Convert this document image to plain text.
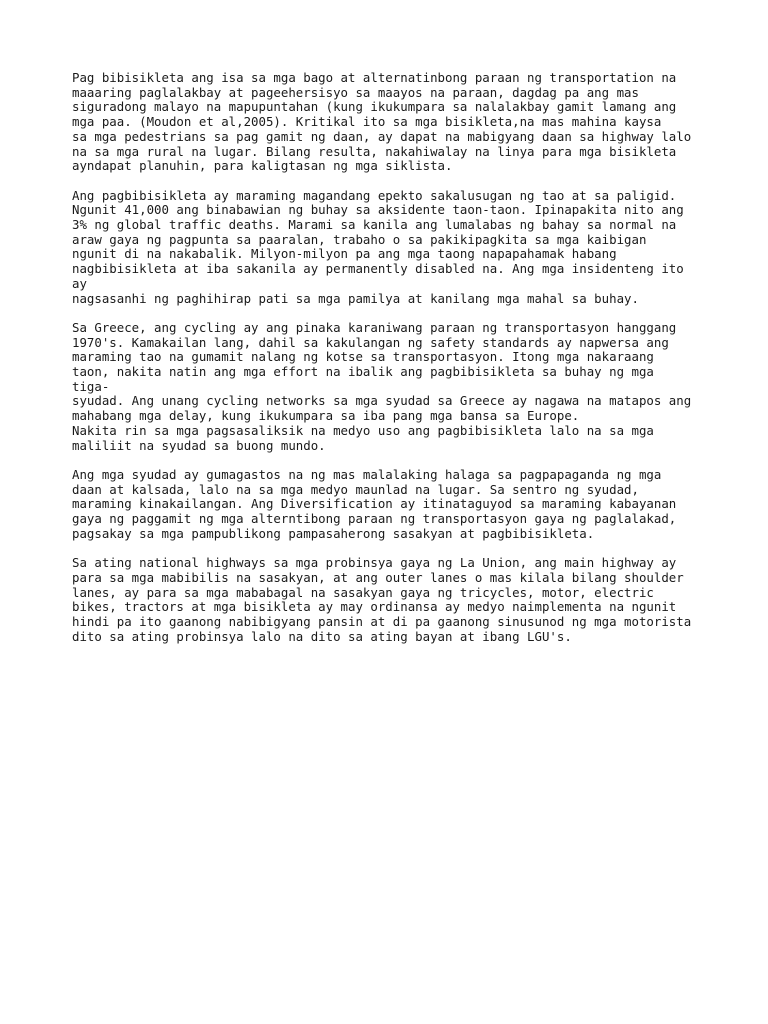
Pag bibisikleta ang isa sa mga bago at alternatinbong paraan ng transportation na
maaaring paglalakbay at pageehersisyo sa maayos na paraan, dagdag pa ang mas
siguradong malayo na mapupuntahan (kung ikukumpara sa nalalakbay gamit lamang ang
mga paa. (Moudon et al,2005). Kritikal ito sa mga bisikleta,na mas mahina kaysa
sa mga pedestrians sa pag gamit ng daan, ay dapat na mabigyang daan sa highway lalo
na sa mga rural na lugar. Bilang resulta, nakahiwalay na linya para mga bisikleta
ayndapat planuhin, para kaligtasan ng mga siklista.
Ang pagbibisikleta ay maraming magandang epekto sakalusugan ng tao at sa paligid.
Ngunit 41,000 ang binabawian ng buhay sa aksidente taon-taon. Ipinapakita nito ang
3% ng global traffic deaths. Marami sa kanila ang lumalabas ng bahay sa normal na
araw gaya ng pagpunta sa paaralan, trabaho o sa pakikipagkita sa mga kaibigan
ngunit di na nakabalik. Milyon-milyon pa ang mga taong napapahamak habang
nagbibisikleta at iba sakanila ay permanently disabled na. Ang mga insidenteng ito
ay
nagsasanhi ng paghihirap pati sa mga pamilya at kanilang mga mahal sa buhay.
Sa Greece, ang cycling ay ang pinaka karaniwang paraan ng transportasyon hanggang
1970's. Kamakailan lang, dahil sa kakulangan ng safety standards ay napwersa ang
maraming tao na gumamit nalang ng kotse sa transportasyon. Itong mga nakaraang
taon, nakita natin ang mga effort na ibalik ang pagbibisikleta sa buhay ng mga
tiga-
syudad. Ang unang cycling networks sa mga syudad sa Greece ay nagawa na matapos ang
mahabang mga delay, kung ikukumpara sa iba pang mga bansa sa Europe.
Nakita rin sa mga pagsasaliksik na medyo uso ang pagbibisikleta lalo na sa mga
maliliit na syudad sa buong mundo.
Ang mga syudad ay gumagastos na ng mas malalaking halaga sa pagpapaganda ng mga
daan at kalsada, lalo na sa mga medyo maunlad na lugar. Sa sentro ng syudad,
maraming kinakailangan. Ang Diversification ay itinataguyod sa maraming kabayanan
gaya ng paggamit ng mga alterntibong paraan ng transportasyon gaya ng paglalakad,
pagsakay sa mga pampublikong pampasaherong sasakyan at pagbibisikleta.
Sa ating national highways sa mga probinsya gaya ng La Union, ang main highway ay
para sa mga mabibilis na sasakyan, at ang outer lanes o mas kilala bilang shoulder
lanes, ay para sa mga mababagal na sasakyan gaya ng tricycles, motor, electric
bikes, tractors at mga bisikleta ay may ordinansa ay medyo naimplementa na ngunit
hindi pa ito gaanong nabibigyang pansin at di pa gaanong sinusunod ng mga motorista
dito sa ating probinsya lalo na dito sa ating bayan at ibang LGU's.
